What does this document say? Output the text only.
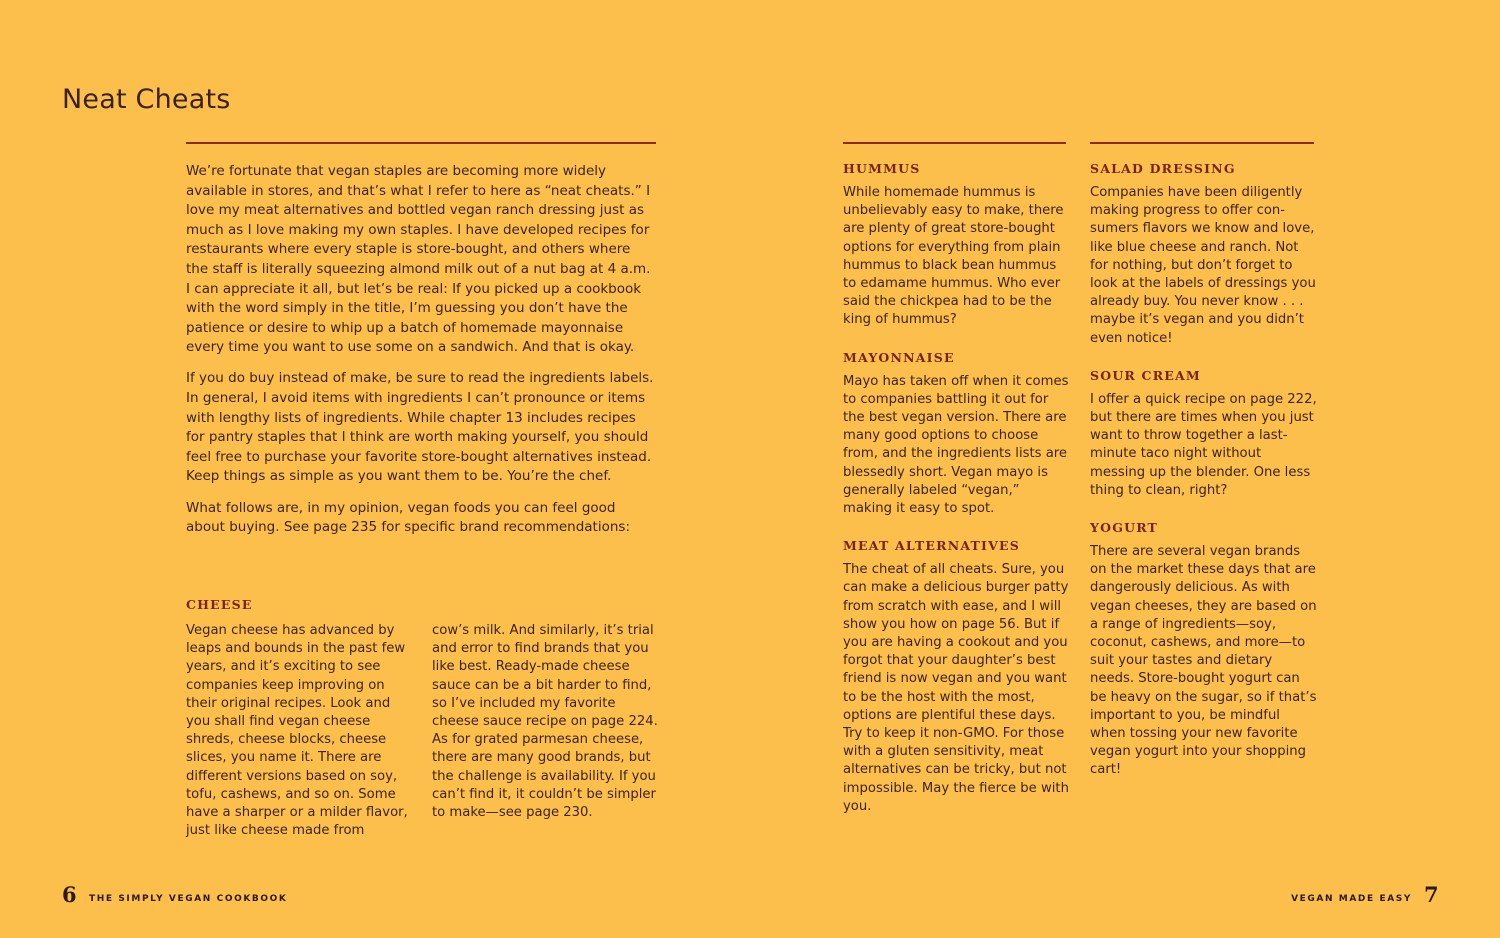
Neat Cheats

We’re fortunate that vegan staples are becoming more widely available in stores, and that’s what I refer to here as “neat cheats.” I love my meat alternatives and bottled vegan ranch dressing just as much as I love making my own staples. I have developed recipes for restaurants where every staple is store-bought, and others where the staff is literally squeezing almond milk out of a nut bag at 4 a.m. I can appreciate it all, but let’s be real: If you picked up a cookbook with the word simply in the title, I’m guessing you don’t have the patience or desire to whip up a batch of homemade mayonnaise every time you want to use some on a sandwich. And that is okay.

If you do buy instead of make, be sure to read the ingredients labels. In general, I avoid items with ingredients I can’t pronounce or items with lengthy lists of ingredients. While chapter 13 includes recipes for pantry staples that I think are worth making yourself, you should feel free to purchase your favorite store-bought alternatives instead. Keep things as simple as you want them to be. You’re the chef.

What follows are, in my opinion, vegan foods you can feel good about buying. See page 235 for specific brand recommendations:

CHEESE

Vegan cheese has advanced by leaps and bounds in the past few years, and it’s exciting to see companies keep improving on their original recipes. Look and you shall find vegan cheese shreds, cheese blocks, cheese slices, you name it. There are different versions based on soy, tofu, cashews, and so on. Some have a sharper or a milder flavor, just like cheese made from

cow’s milk. And similarly, it’s trial and error to find brands that you like best. Ready-made cheese sauce can be a bit harder to find, so I’ve included my favorite cheese sauce recipe on page 224. As for grated parmesan cheese, there are many good brands, but the challenge is availability. If you can’t find it, it couldn’t be simpler to make—see page 230.

HUMMUS

While homemade hummus is unbelievably easy to make, there are plenty of great store-bought options for everything from plain hummus to black bean hummus to edamame hummus. Who ever said the chickpea had to be the king of hummus?

MAYONNAISE

Mayo has taken off when it comes to companies battling it out for the best vegan version. There are many good options to choose from, and the ingredients lists are blessedly short. Vegan mayo is generally labeled “vegan,” making it easy to spot.

MEAT ALTERNATIVES

The cheat of all cheats. Sure, you can make a delicious burger patty from scratch with ease, and I will show you how on page 56. But if you are having a cookout and you forgot that your daughter’s best friend is now vegan and you want to be the host with the most, options are plentiful these days. Try to keep it non-GMO. For those with a gluten sensitivity, meat alternatives can be tricky, but not impossible. May the fierce be with you.

SALAD DRESSING

Companies have been diligently making progress to offer con-sumers flavors we know and love, like blue cheese and ranch. Not for nothing, but don’t forget to look at the labels of dressings you already buy. You never know . . . maybe it’s vegan and you didn’t even notice!

SOUR CREAM

I offer a quick recipe on page 222, but there are times when you just want to throw together a last-minute taco night without messing up the blender. One less thing to clean, right?

YOGURT

There are several vegan brands on the market these days that are dangerously delicious. As with vegan cheeses, they are based on a range of ingredients—soy, coconut, cashews, and more—to suit your tastes and dietary needs. Store-bought yogurt can be heavy on the sugar, so if that’s important to you, be mindful when tossing your new favorite vegan yogurt into your shopping cart!

6 THE SIMPLY VEGAN COOKBOOK	VEGAN MADE EASY 7
